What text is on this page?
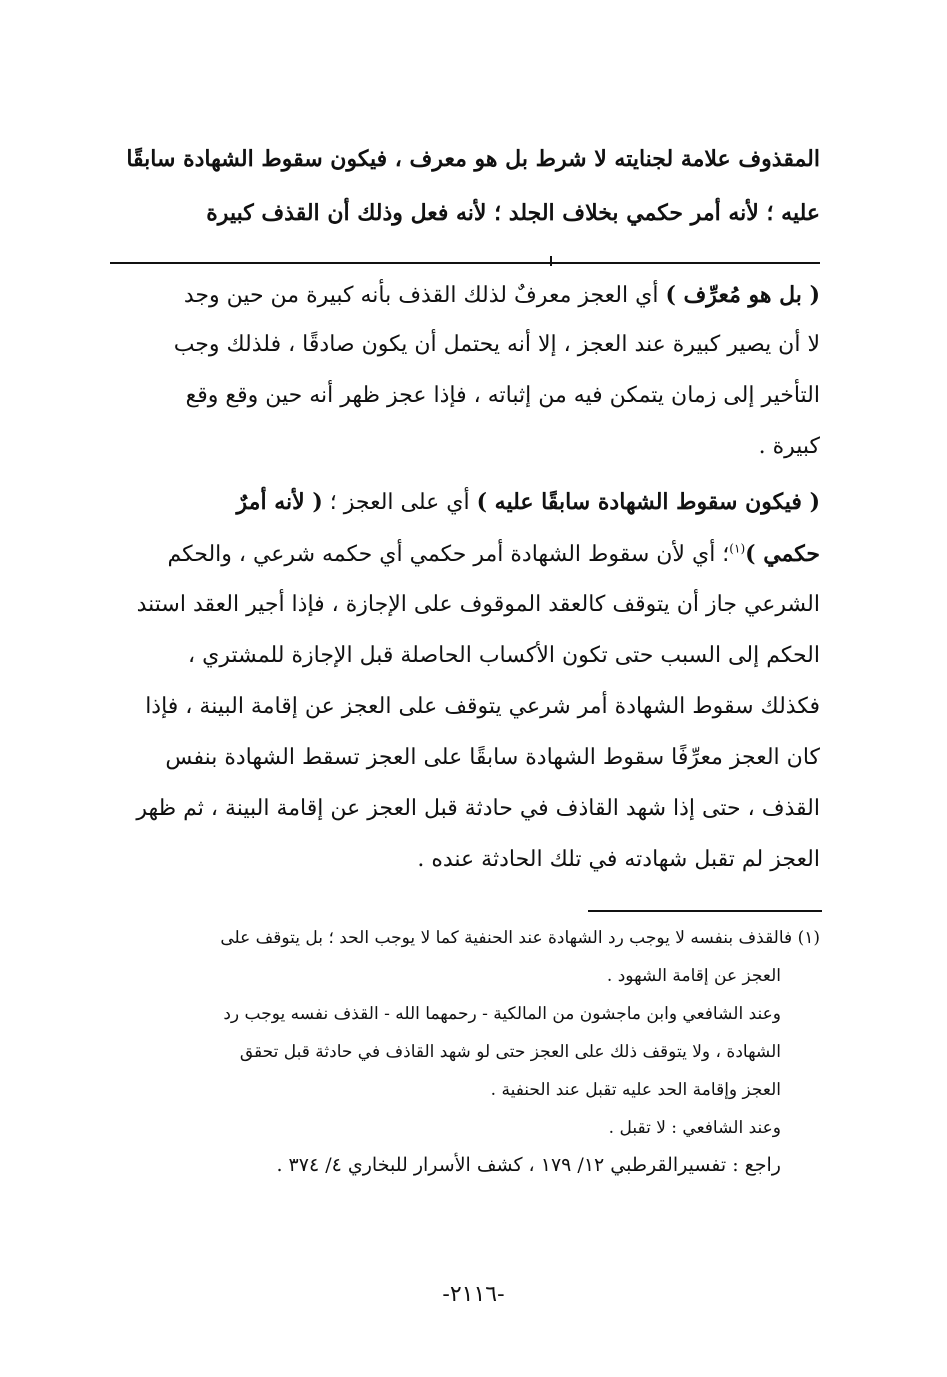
المقذوف علامة لجنايته لا شرط بل هو معرف ، فيكون سقوط الشهادة سابقًا
عليه ؛ لأنه أمر حكمي بخلاف الجلد ؛ لأنه فعل وذلك أن القذف كبيرة
( بل هو مُعرِّف ) أي العجز معرفٌ لذلك القذف بأنه كبيرة من حين وجد
لا أن يصير كبيرة عند العجز ، إلا أنه يحتمل أن يكون صادقًا ، فلذلك وجب
التأخير إلى زمان يتمكن فيه من إثباته ، فإذا عجز ظهر أنه حين وقع وقع
كبيرة .
( فيكون سقوط الشهادة سابقًا عليه ) أي على العجز ؛ ( لأنه أمرٌ
حكمي )$^{(١)}$؛ أي لأن سقوط الشهادة أمر حكمي أي حكمه شرعي ، والحكم
الشرعي جاز أن يتوقف كالعقد الموقوف على الإجازة ، فإذا أجير العقد استند
الحكم إلى السبب حتى تكون الأكساب الحاصلة قبل الإجازة للمشتري ،
فكذلك سقوط الشهادة أمر شرعي يتوقف على العجز عن إقامة البينة ، فإذا
كان العجز معرِّفًا سقوط الشهادة سابقًا على العجز تسقط الشهادة بنفس
القذف ، حتى إذا شهد القاذف في حادثة قبل العجز عن إقامة البينة ، ثم ظهر
العجز لم تقبل شهادته في تلك الحادثة عنده .
(١) فالقذف بنفسه لا يوجب رد الشهادة عند الحنفية كما لا يوجب الحد ؛ بل يتوقف على
العجز عن إقامة الشهود .
وعند الشافعي وابن ماجشون من المالكية - رحمهما الله - القذف نفسه يوجب رد
الشهادة ، ولا يتوقف ذلك على العجز حتى لو شهد القاذف في حادثة قبل تحقق
العجز وإقامة الحد عليه تقبل عند الحنفية .
وعند الشافعي : لا تقبل .
راجع : تفسيرالقرطبي ١٢/ ١٧٩ ، كشف الأسرار للبخاري ٤/ ٣٧٤ .
-٢١١٦-
